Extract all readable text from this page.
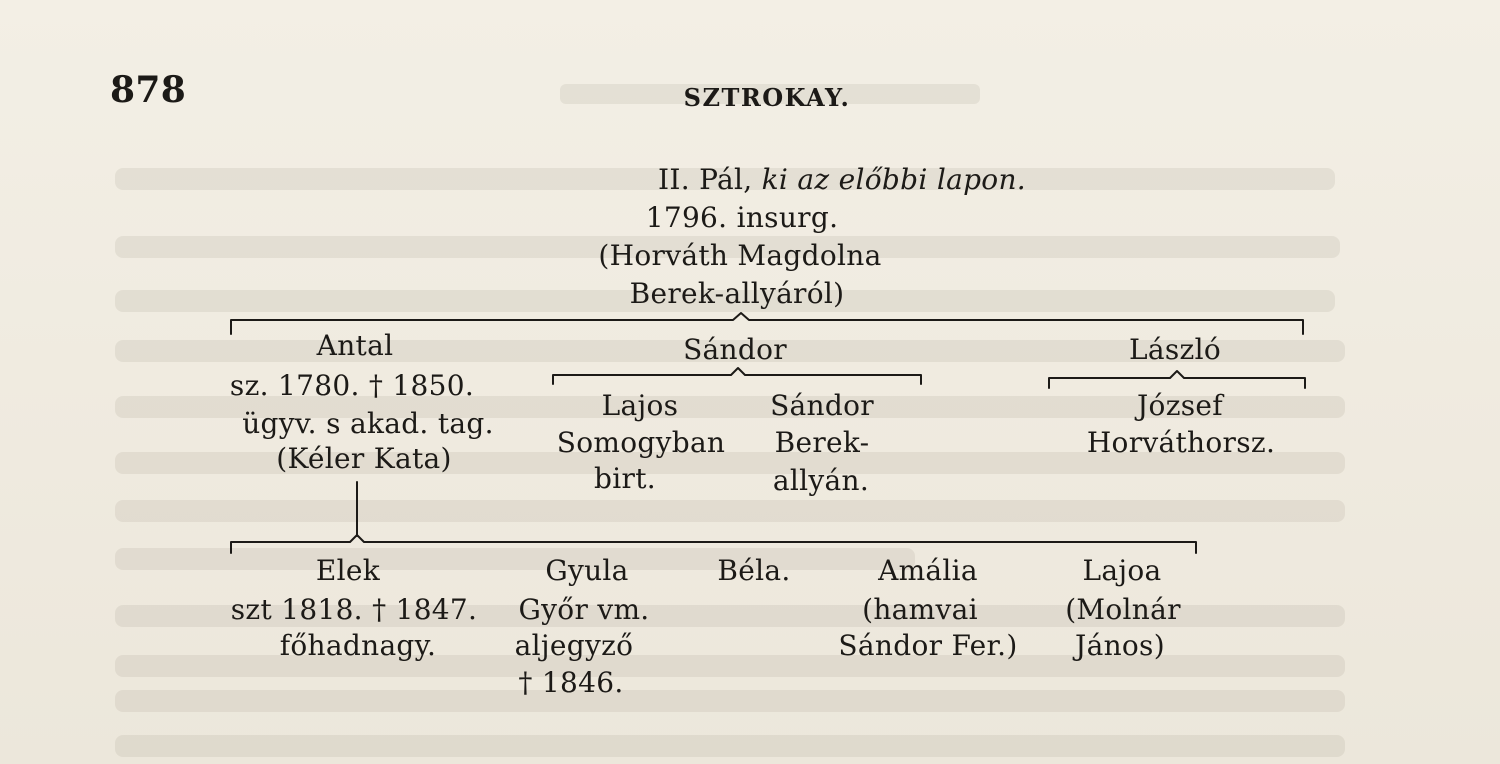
878	SZTROKAY.
II. Pál, ki az előbbi lapon.
1796. insurg.
(Horváth Magdolna
Berek-allyáról)
Antal
sz. 1780. † 1850.
ügyv. s akad. tag.
(Kéler Kata)
Sándor	László
Lajos
Somogyban
birt.
Sándor
Berek-
allyán.
József
Horváthorsz.
Elek
szt 1818. † 1847.
főhadnagy.
Gyula
Győr vm.
aljegyző
† 1846.
Béla.	Amália
(hamvai
Sándor Fer.)
Lajoa
(Molnár
János)
